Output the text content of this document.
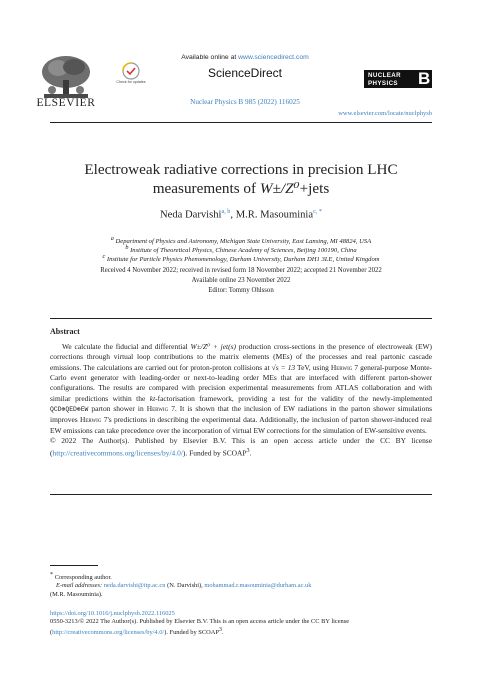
ELSEVIER
Check for updates
Available online at www.sciencedirect.com
ScienceDirect
Nuclear Physics B 985 (2022) 116025
NUCLEAR
PHYSICS B
www.elsevier.com/locate/nuclphysb
Electroweak radiative corrections in precision LHC
measurements of W±/Z⁰+jets
Neda Darvishi$^{a, b}$, M.R. Masouminia$^{c, *}$
a Department of Physics and Astronomy, Michigan State University, East Lansing, MI 48824, USA
b Institute of Theoretical Physics, Chinese Academy of Sciences, Beijing 100190, China
c Institute for Particle Physics Phenomenology, Durham University, Durham DH1 3LE, United Kingdom
Received 4 November 2022; received in revised form 18 November 2022; accepted 21 November 2022
Available online 23 November 2022
Editor: Tommy Ohlsson
Abstract

We calculate the fiducial and differential W±/Z⁰ + jet(s) production cross-sections in the presence of electroweak (EW) corrections through virtual loop contributions to the matrix elements (MEs) of the processes and real partonic cascade emissions. The calculations are carried out for proton-proton collisions at √s = 13 TeV, using Herwig 7 general-purpose Monte-Carlo event generator with leading-order or next-to-leading order MEs that are interfaced with different parton-shower configurations. The results are compared with precision experimental measurements from ATLAS collaboration and with similar predictions within the kt-factorisation framework, providing a test for the validity of the newly-implemented QCD⊕QED⊕EW parton shower in Herwig 7. It is shown that the inclusion of EW radiations in the parton shower simulations improves Herwig 7's predictions in describing the experimental data. Additionally, the inclusion of parton shower-induced real EW emissions can take precedence over the incorporation of virtual EW corrections for the simulation of EW-sensitive events.

© 2022 The Author(s). Published by Elsevier B.V. This is an open access article under the CC BY license (http://creativecommons.org/licenses/by/4.0/). Funded by SCOAP$^3$.

* Corresponding author.
E-mail addresses: neda.darvishi@itp.ac.cn (N. Darvishi), mohammad.r.masouminia@durham.ac.uk
(M.R. Masouminia).
https://doi.org/10.1016/j.nuclphysb.2022.116025
0550-3213/© 2022 The Author(s). Published by Elsevier B.V. This is an open access article under the CC BY license
(http://creativecommons.org/licenses/by/4.0/). Funded by SCOAP3.
